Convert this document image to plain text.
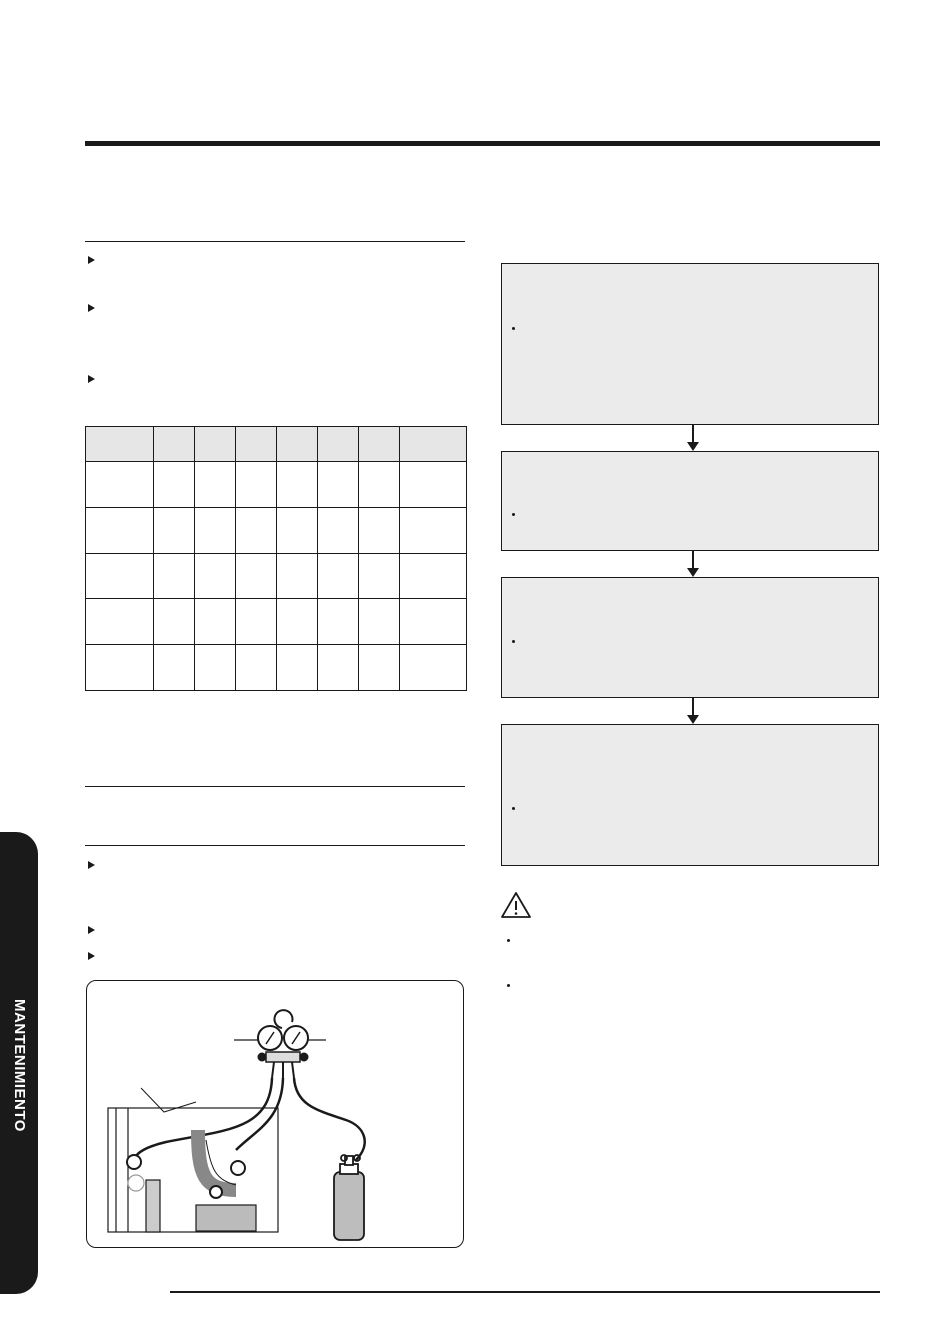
MANTENIMIENTO
